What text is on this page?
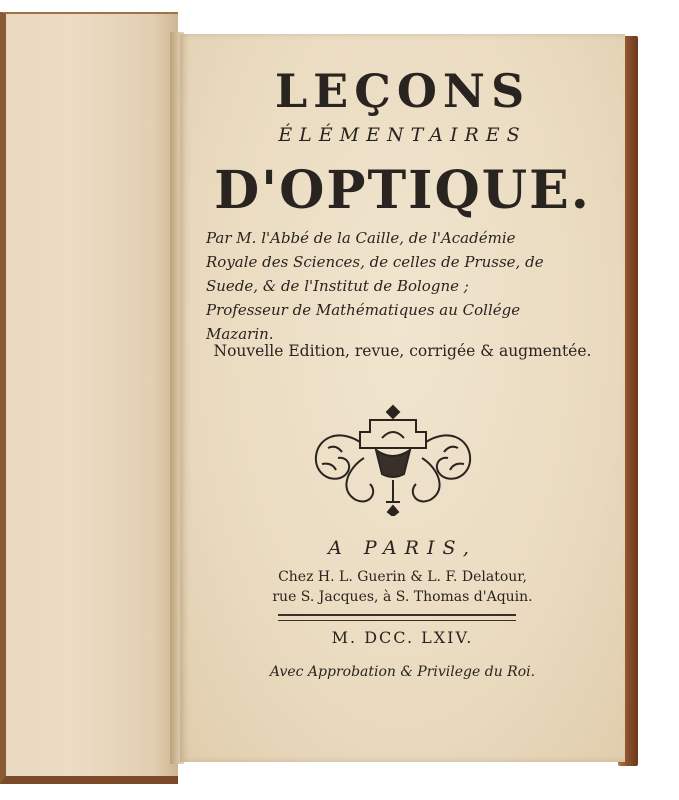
LEÇONS

ÉLÉMENTAIRES

D'OPTIQUE.

Par M. l'Abbé de la Caille, de l'Académie Royale des Sciences, de celles de Prusse, de Suede, & de l'Institut de Bologne ; Professeur de Mathématiques au Collége Mazarin.

Nouvelle Edition, revue, corrigée & augmentée.

A PARIS,

Chez H. L. Guerin & L. F. Delatour,
rue S. Jacques, à S. Thomas d'Aquin.

M. DCC. LXIV.

Avec Approbation & Privilege du Roi.
